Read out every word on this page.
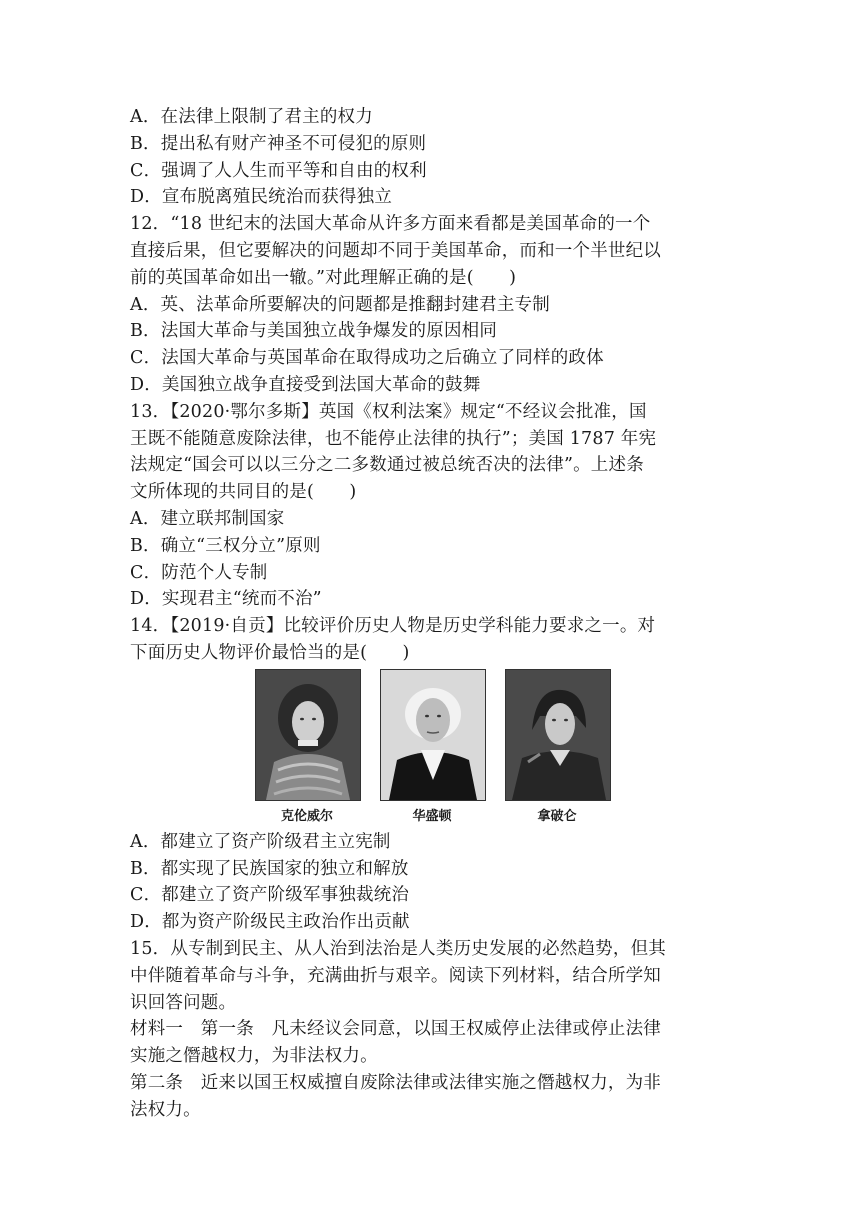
A．在法律上限制了君主的权力
B．提出私有财产神圣不可侵犯的原则
C．强调了人人生而平等和自由的权利
D．宣布脱离殖民统治而获得独立
12．“18 世纪末的法国大革命从许多方面来看都是美国革命的一个
直接后果，但它要解决的问题却不同于美国革命，而和一个半世纪以
前的英国革命如出一辙。”对此理解正确的是(　　)
A．英、法革命所要解决的问题都是推翻封建君主专制
B．法国大革命与美国独立战争爆发的原因相同
C．法国大革命与英国革命在取得成功之后确立了同样的政体
D．美国独立战争直接受到法国大革命的鼓舞
13．【2020·鄂尔多斯】英国《权利法案》规定“不经议会批准，国
王既不能随意废除法律，也不能停止法律的执行”；美国 1787 年宪
法规定“国会可以以三分之二多数通过被总统否决的法律”。上述条
文所体现的共同目的是(　　)
A．建立联邦制国家
B．确立“三权分立”原则
C．防范个人专制
D．实现君主“统而不治”
14．【2019·自贡】比较评价历史人物是历史学科能力要求之一。对
下面历史人物评价最恰当的是(　　)
克伦威尔	华盛顿	拿破仑
A．都建立了资产阶级君主立宪制
B．都实现了民族国家的独立和解放
C．都建立了资产阶级军事独裁统治
D．都为资产阶级民主政治作出贡献
15．从专制到民主、从人治到法治是人类历史发展的必然趋势，但其
中伴随着革命与斗争，充满曲折与艰辛。阅读下列材料，结合所学知
识回答问题。
材料一　第一条　凡未经议会同意，以国王权威停止法律或停止法律
实施之僭越权力，为非法权力。
第二条　近来以国王权威擅自废除法律或法律实施之僭越权力，为非
法权力。
